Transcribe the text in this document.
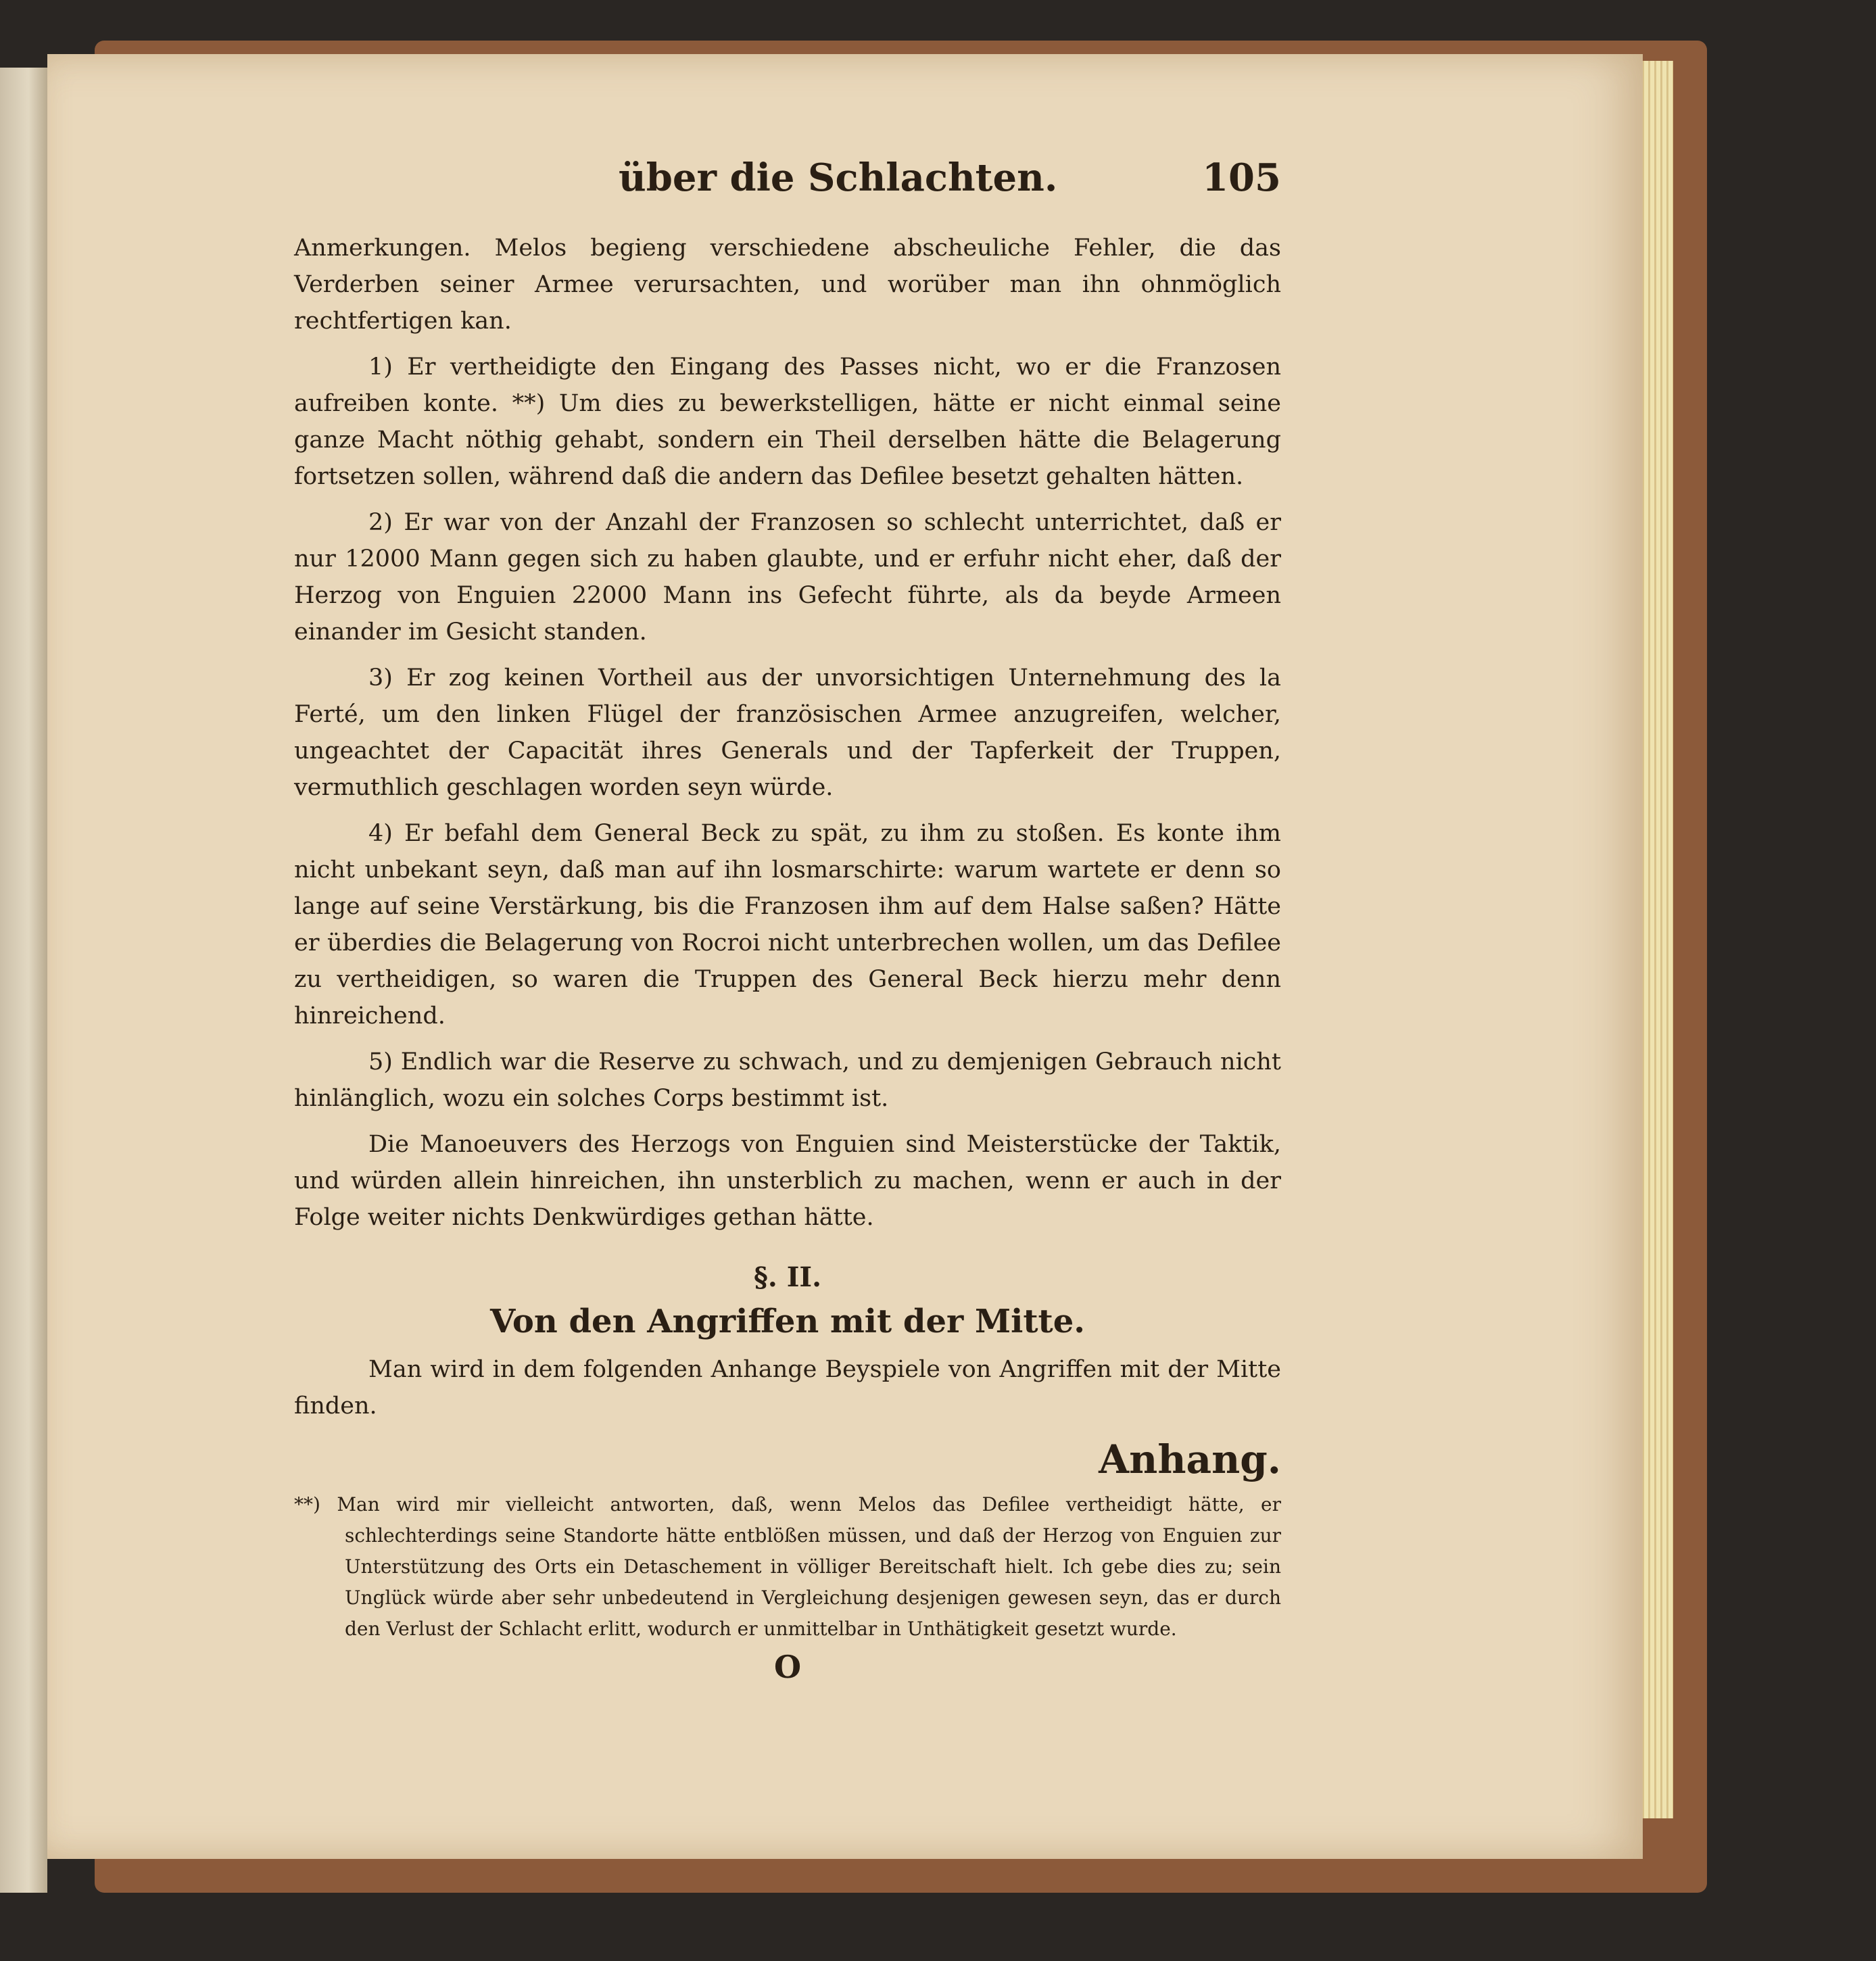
über die Schlachten.	105

Anmerkungen. Melos begieng verschiedene abscheuliche Fehler, die das Verderben seiner Armee verursachten, und worüber man ihn ohnmöglich rechtfertigen kan.

1) Er vertheidigte den Eingang des Passes nicht, wo er die Franzosen aufreiben konte. **) Um dies zu bewerkstelligen, hätte er nicht einmal seine ganze Macht nöthig gehabt, sondern ein Theil derselben hätte die Belagerung fortsetzen sollen, während daß die andern das Defilee besetzt gehalten hätten.

2) Er war von der Anzahl der Franzosen so schlecht unterrichtet, daß er nur 12000 Mann gegen sich zu haben glaubte, und er erfuhr nicht eher, daß der Herzog von Enguien 22000 Mann ins Gefecht führte, als da beyde Armeen einander im Gesicht standen.

3) Er zog keinen Vortheil aus der unvorsichtigen Unternehmung des la Ferté, um den linken Flügel der französischen Armee anzugreifen, welcher, ungeachtet der Capacität ihres Generals und der Tapferkeit der Truppen, vermuthlich geschlagen worden seyn würde.

4) Er befahl dem General Beck zu spät, zu ihm zu stoßen. Es konte ihm nicht unbekant seyn, daß man auf ihn losmarschirte: warum wartete er denn so lange auf seine Verstärkung, bis die Franzosen ihm auf dem Halse saßen? Hätte er überdies die Belagerung von Rocroi nicht unterbrechen wollen, um das Defilee zu vertheidigen, so waren die Truppen des General Beck hierzu mehr denn hinreichend.

5) Endlich war die Reserve zu schwach, und zu demjenigen Gebrauch nicht hinlänglich, wozu ein solches Corps bestimmt ist.

Die Manoeuvers des Herzogs von Enguien sind Meisterstücke der Taktik, und würden allein hinreichen, ihn unsterblich zu machen, wenn er auch in der Folge weiter nichts Denkwürdiges gethan hätte.

§. II.
Von den Angriffen mit der Mitte.

Man wird in dem folgenden Anhange Beyspiele von Angriffen mit der Mitte finden.

Anhang.

**) Man wird mir vielleicht antworten, daß, wenn Melos das Defilee vertheidigt hätte, er schlechterdings seine Standorte hätte entblößen müssen, und daß der Herzog von Enguien zur Unterstützung des Orts ein Detaschement in völliger Bereitschaft hielt. Ich gebe dies zu; sein Unglück würde aber sehr unbedeutend in Vergleichung desjenigen gewesen seyn, das er durch den Verlust der Schlacht erlitt, wodurch er unmittelbar in Unthätigkeit gesetzt wurde.

O
